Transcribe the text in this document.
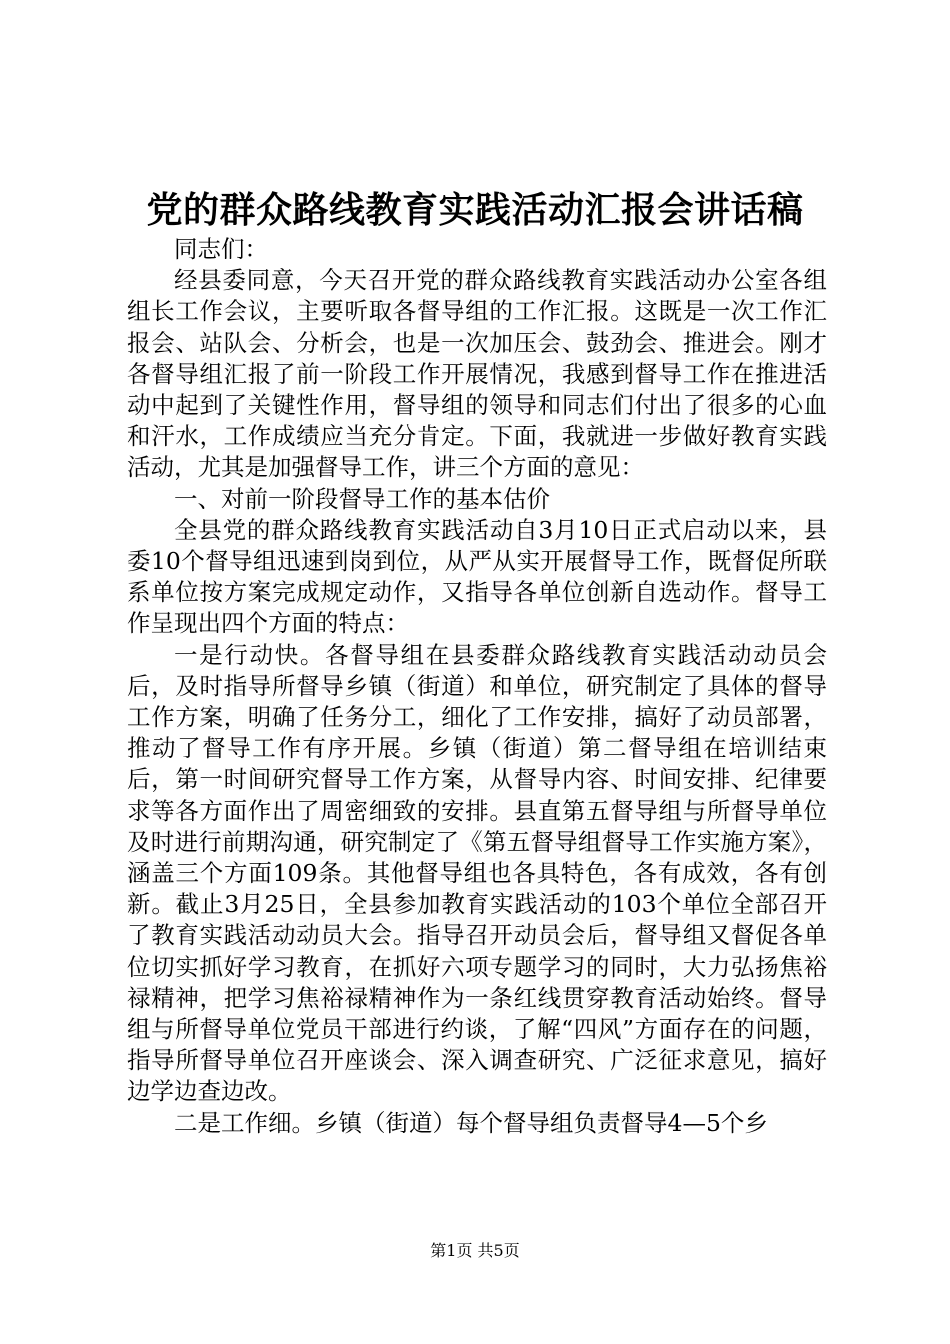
党的群众路线教育实践活动汇报会讲话稿

同志们：

经县委同意，今天召开党的群众路线教育实践活动办公室各组组长工作会议，主要听取各督导组的工作汇报。这既是一次工作汇报会、站队会、分析会，也是一次加压会、鼓劲会、推进会。刚才各督导组汇报了前一阶段工作开展情况，我感到督导工作在推进活动中起到了关键性作用，督导组的领导和同志们付出了很多的心血和汗水，工作成绩应当充分肯定。下面，我就进一步做好教育实践活动，尤其是加强督导工作，讲三个方面的意见：

一、对前一阶段督导工作的基本估价

全县党的群众路线教育实践活动自3月10日正式启动以来，县委10个督导组迅速到岗到位，从严从实开展督导工作，既督促所联系单位按方案完成规定动作，又指导各单位创新自选动作。督导工作呈现出四个方面的特点：

一是行动快。各督导组在县委群众路线教育实践活动动员会后，及时指导所督导乡镇（街道）和单位，研究制定了具体的督导工作方案，明确了任务分工，细化了工作安排，搞好了动员部署，推动了督导工作有序开展。乡镇（街道）第二督导组在培训结束后，第一时间研究督导工作方案，从督导内容、时间安排、纪律要求等各方面作出了周密细致的安排。县直第五督导组与所督导单位及时进行前期沟通，研究制定了《第五督导组督导工作实施方案》，涵盖三个方面109条。其他督导组也各具特色，各有成效，各有创新。截止3月25日，全县参加教育实践活动的103个单位全部召开了教育实践活动动员大会。指导召开动员会后，督导组又督促各单位切实抓好学习教育，在抓好六项专题学习的同时，大力弘扬焦裕禄精神，把学习焦裕禄精神作为一条红线贯穿教育活动始终。督导组与所督导单位党员干部进行约谈，了解“四风”方面存在的问题，指导所督导单位召开座谈会、深入调查研究、广泛征求意见，搞好边学边查边改。

二是工作细。乡镇（街道）每个督导组负责督导4—5个乡

第1页 共5页
